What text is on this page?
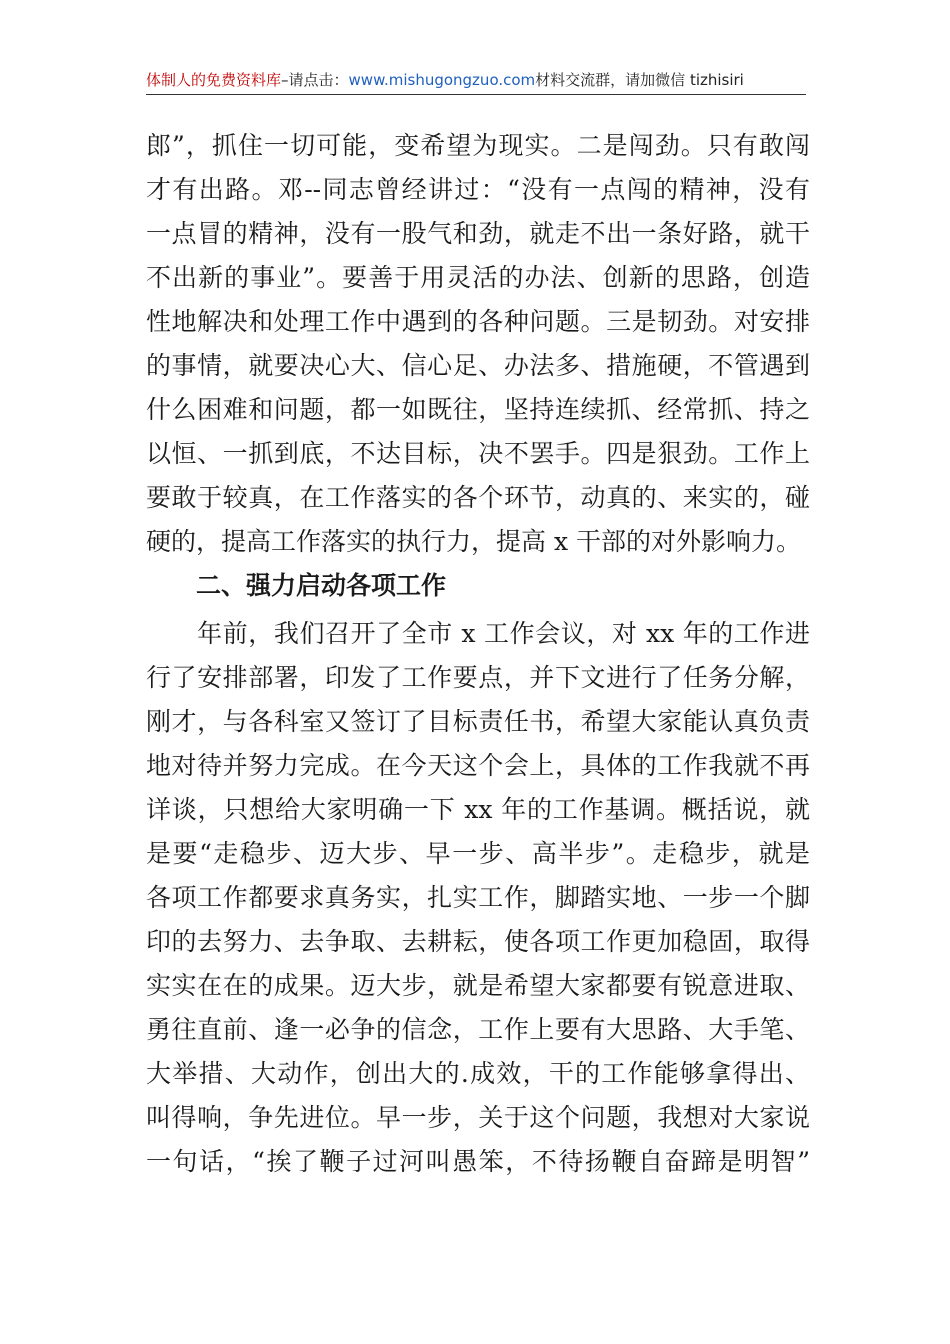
体制人的免费资料库–请点击：www.mishugongzuo.com材料交流群，请加微信 tizhisiri
郎”，抓住一切可能，变希望为现实。二是闯劲。只有敢闯
才有出路。邓--同志曾经讲过：“没有一点闯的精神，没有
一点冒的精神，没有一股气和劲，就走不出一条好路，就干
不出新的事业”。要善于用灵活的办法、创新的思路，创造
性地解决和处理工作中遇到的各种问题。三是韧劲。对安排
的事情，就要决心大、信心足、办法多、措施硬，不管遇到
什么困难和问题，都一如既往，坚持连续抓、经常抓、持之
以恒、一抓到底，不达目标，决不罢手。四是狠劲。工作上
要敢于较真，在工作落实的各个环节，动真的、来实的，碰
硬的，提高工作落实的执行力，提高 x 干部的对外影响力。
二、强力启动各项工作
　　年前，我们召开了全市 x 工作会议，对 xx 年的工作进
行了安排部署，印发了工作要点，并下文进行了任务分解，
刚才，与各科室又签订了目标责任书，希望大家能认真负责
地对待并努力完成。在今天这个会上，具体的工作我就不再
详谈，只想给大家明确一下 xx 年的工作基调。概括说，就
是要“走稳步、迈大步、早一步、高半步”。走稳步，就是
各项工作都要求真务实，扎实工作，脚踏实地、一步一个脚
印的去努力、去争取、去耕耘，使各项工作更加稳固，取得
实实在在的成果。迈大步，就是希望大家都要有锐意进取、
勇往直前、逢一必争的信念，工作上要有大思路、大手笔、
大举措、大动作，创出大的.成效，干的工作能够拿得出、
叫得响，争先进位。早一步，关于这个问题，我想对大家说
一句话，“挨了鞭子过河叫愚笨，不待扬鞭自奋蹄是明智”
